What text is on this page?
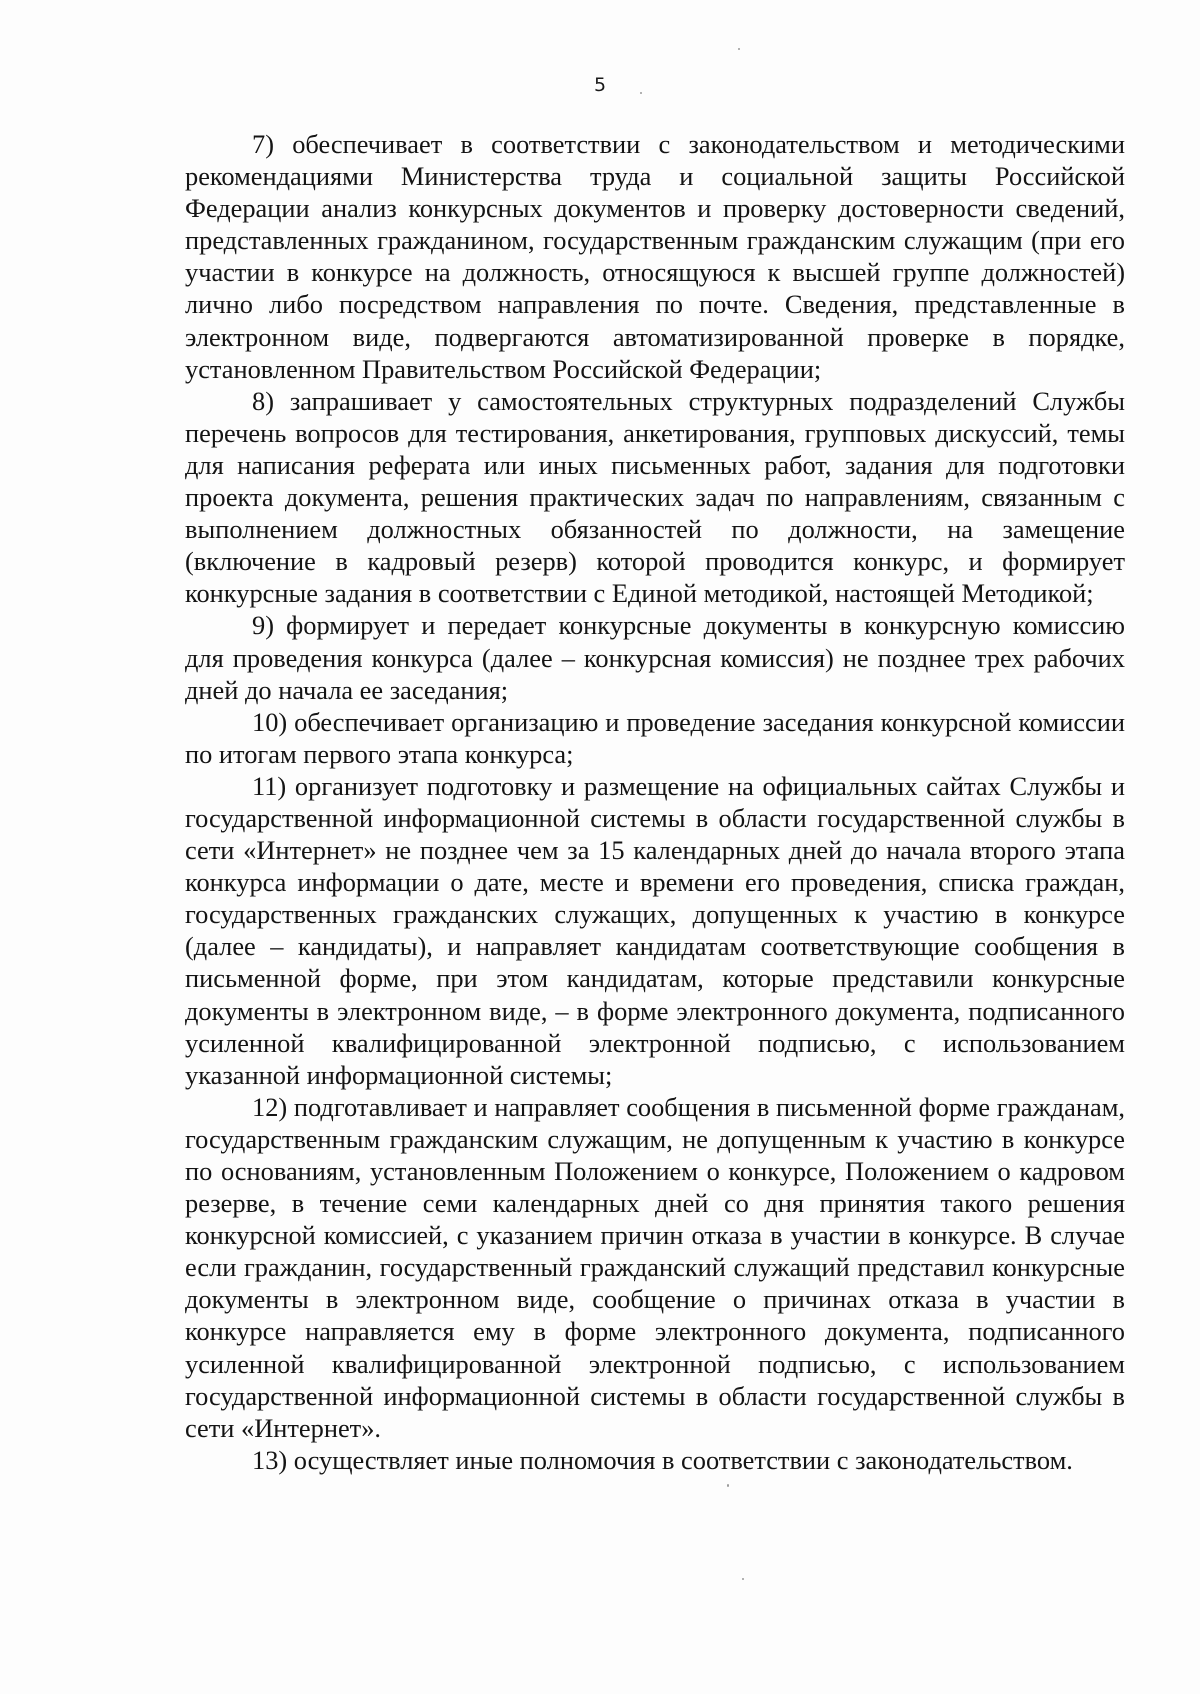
5

7) обеспечивает в соответствии с законодательством и методическими рекомендациями Министерства труда и социальной защиты Российской Федерации анализ конкурсных документов и проверку достоверности сведений, представленных гражданином, государственным гражданским служащим (при его участии в конкурсе на должность, относящуюся к высшей группе должностей) лично либо посредством направления по почте. Сведения, представленные в электронном виде, подвергаются автоматизированной проверке в порядке, установленном Правительством Российской Федерации;

8) запрашивает у самостоятельных структурных подразделений Службы перечень вопросов для тестирования, анкетирования, групповых дискуссий, темы для написания реферата или иных письменных работ, задания для подготовки проекта документа, решения практических задач по направлениям, связанным с выполнением должностных обязанностей по должности, на замещение (включение в кадровый резерв) которой проводится конкурс, и формирует конкурсные задания в соответствии с Единой методикой, настоящей Методикой;

9) формирует и передает конкурсные документы в конкурсную комиссию для проведения конкурса (далее – конкурсная комиссия) не позднее трех рабочих дней до начала ее заседания;

10) обеспечивает организацию и проведение заседания конкурсной комиссии по итогам первого этапа конкурса;

11) организует подготовку и размещение на официальных сайтах Службы и государственной информационной системы в области государственной службы в сети «Интернет» не позднее чем за 15 календарных дней до начала второго этапа конкурса информации о дате, месте и времени его проведения, списка граждан, государственных гражданских служащих, допущенных к участию в конкурсе (далее – кандидаты), и направляет кандидатам соответствующие сообщения в письменной форме, при этом кандидатам, которые представили конкурсные документы в электронном виде, – в форме электронного документа, подписанного усиленной квалифицированной электронной подписью, с использованием указанной информационной системы;

12) подготавливает и направляет сообщения в письменной форме гражданам, государственным гражданским служащим, не допущенным к участию в конкурсе по основаниям, установленным Положением о конкурсе, Положением о кадровом резерве, в течение семи календарных дней со дня принятия такого решения конкурсной комиссией, с указанием причин отказа в участии в конкурсе. В случае если гражданин, государственный гражданский служащий представил конкурсные документы в электронном виде, сообщение о причинах отказа в участии в конкурсе направляется ему в форме электронного документа, подписанного усиленной квалифицированной электронной подписью, с использованием государственной информационной системы в области государственной службы в сети «Интернет».

13) осуществляет иные полномочия в соответствии с законодательством.
